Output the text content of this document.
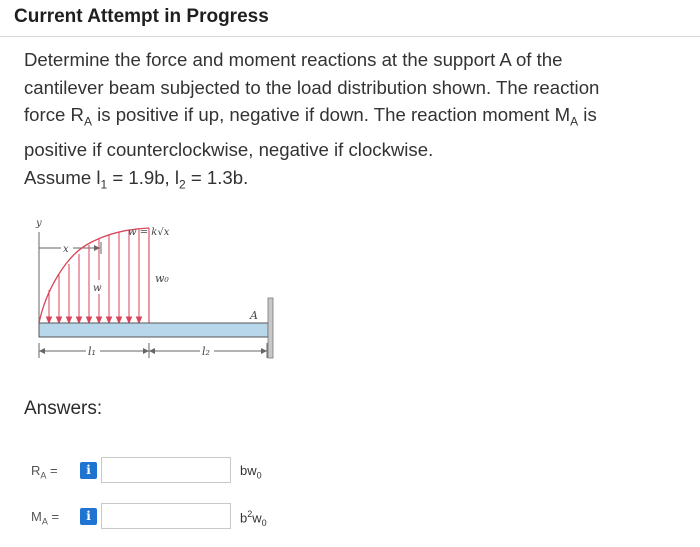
Current Attempt in Progress

Determine the force and moment reactions at the support A of the

cantilever beam subjected to the load distribution shown. The reaction

force $R_A$ is positive if up, negative if down. The reaction moment $M_A$ is

positive if counterclockwise, negative if clockwise.

Assume $l_1 = 1.9b$, $l_2 = 1.3b$.

y
x
w = k√x
w₀
w
A
l₁	l₂
Answers:
$R_A$ =	i	$bw_0$
$M_A$ =	i	$b^2w_0$
